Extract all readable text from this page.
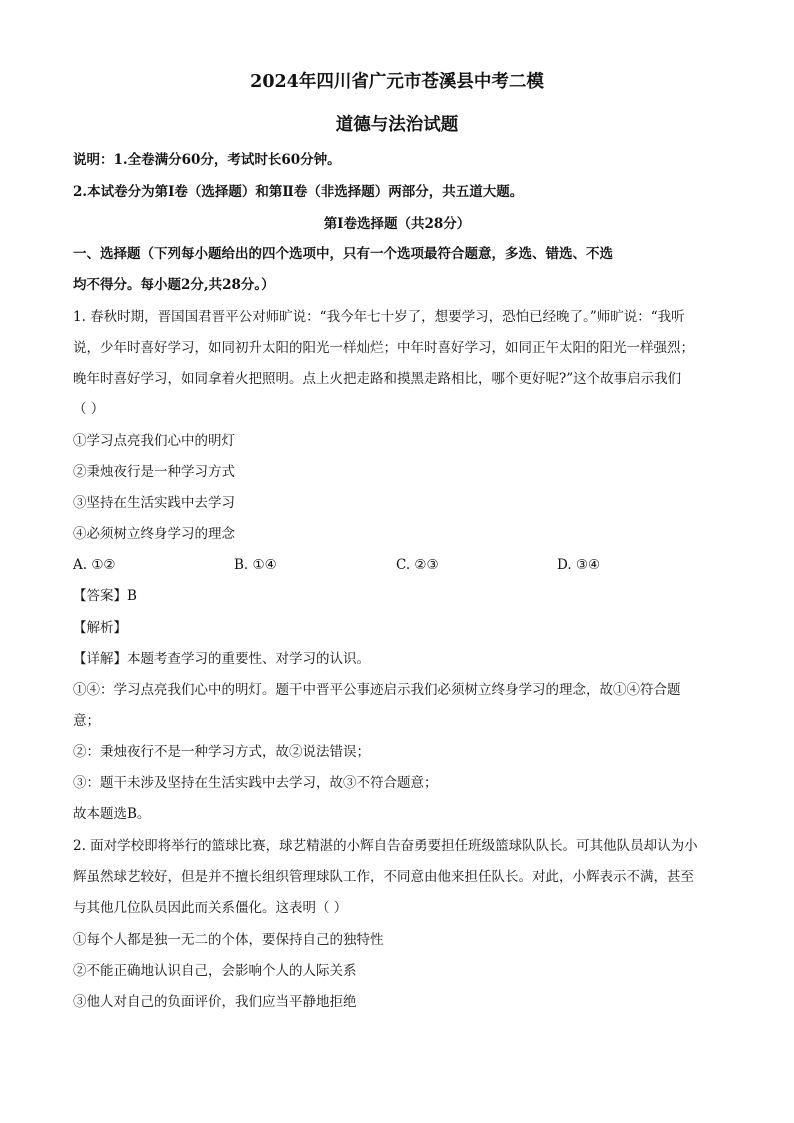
2024年四川省广元市苍溪县中考二模
道德与法治试题
说明：1.全卷满分60分，考试时长60分钟。
2.本试卷分为第Ⅰ卷（选择题）和第Ⅱ卷（非选择题）两部分，共五道大题。
第Ⅰ卷选择题（共28分）
一、选择题（下列每小题给出的四个选项中，只有一个选项最符合题意，多选、错选、不选
均不得分。每小题2分,共28分。）
1. 春秋时期，晋国国君晋平公对师旷说：“我今年七十岁了，想要学习，恐怕已经晚了。”师旷说：“我听
说，少年时喜好学习，如同初升太阳的阳光一样灿烂；中年时喜好学习，如同正午太阳的阳光一样强烈；
晚年时喜好学习，如同拿着火把照明。点上火把走路和摸黑走路相比，哪个更好呢?”这个故事启示我们
（ ）
①学习点亮我们心中的明灯
②秉烛夜行是一种学习方式
③坚持在生活实践中去学习
④必须树立终身学习的理念
A. ①②	B. ①④	C. ②③	D. ③④
【答案】B
【解析】
【详解】本题考查学习的重要性、对学习的认识。
①④：学习点亮我们心中的明灯。题干中晋平公事迹启示我们必须树立终身学习的理念，故①④符合题
意；
②：秉烛夜行不是一种学习方式，故②说法错误；
③：题干未涉及坚持在生活实践中去学习，故③不符合题意；
故本题选B。
2. 面对学校即将举行的篮球比赛，球艺精湛的小辉自告奋勇要担任班级篮球队队长。可其他队员却认为小
辉虽然球艺较好，但是并不擅长组织管理球队工作，不同意由他来担任队长。对此，小辉表示不满，甚至
与其他几位队员因此而关系僵化。这表明（ ）
①每个人都是独一无二的个体，要保持自己的独特性
②不能正确地认识自己，会影响个人的人际关系
③他人对自己的负面评价，我们应当平静地拒绝
